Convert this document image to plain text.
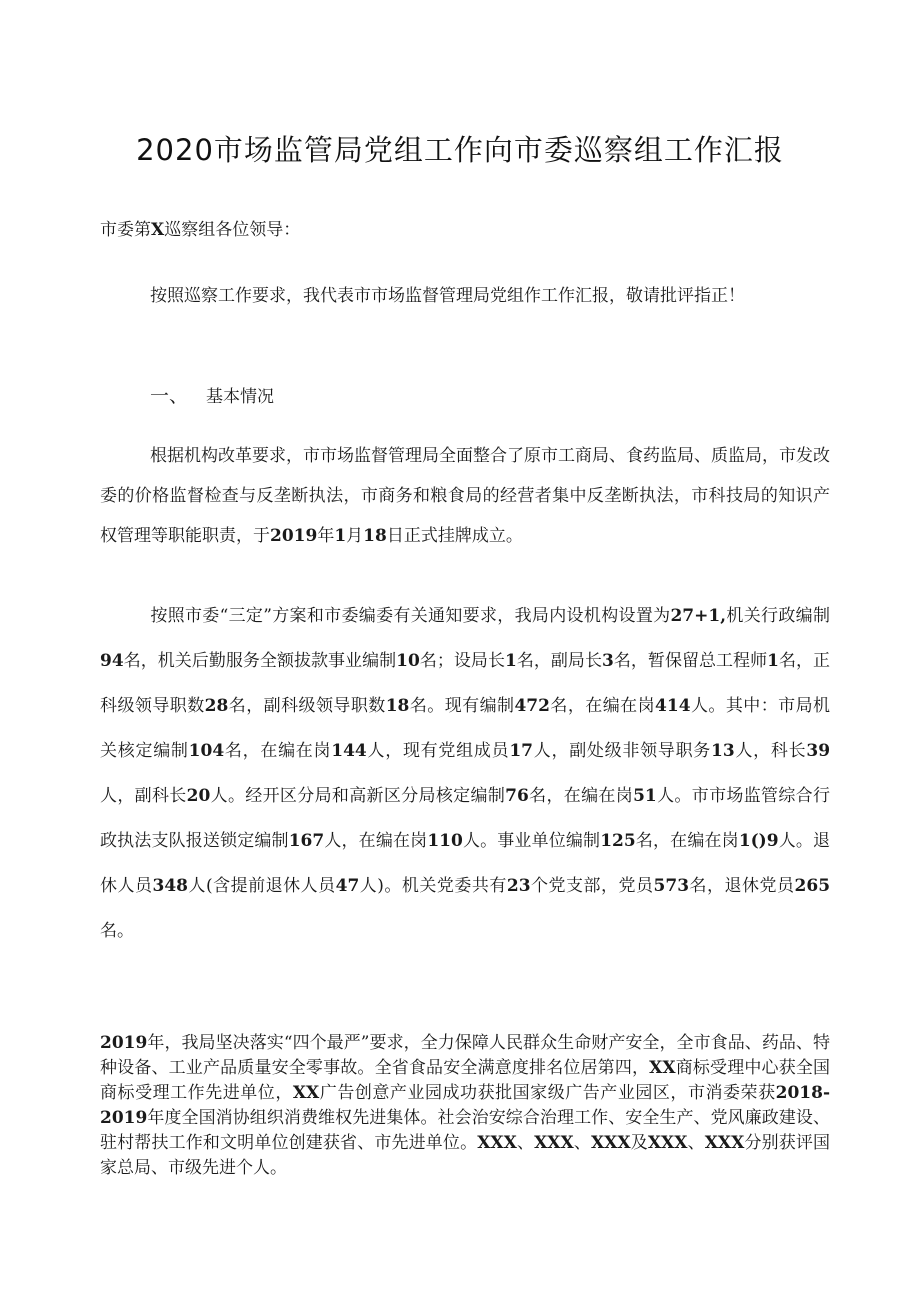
2020市场监管局党组工作向市委巡察组工作汇报
市委第X巡察组各位领导：
按照巡察工作要求，我代表市市场监督管理局党组作工作汇报，敬请批评指正！
一、 基本情况
根据机构改革要求，市市场监督管理局全面整合了原市工商局、食药监局、质监局，市发改委的价格监督检查与反垄断执法，市商务和粮食局的经营者集中反垄断执法，市科技局的知识产权管理等职能职责，于2019年1月18日正式挂牌成立。
按照市委“三定”方案和市委编委有关通知要求，我局内设机构设置为27+1,机关行政编制94名，机关后勤服务全额拔款事业编制10名；设局长1名，副局长3名，暂保留总工程师1名，正科级领导职数28名，副科级领导职数18名。现有编制472名，在编在岗414人。其中：市局机关核定编制104名，在编在岗144人，现有党组成员17人，副处级非领导职务13人，科长39人，副科长20人。经开区分局和高新区分局核定编制76名，在编在岗51人。市市场监管综合行政执法支队报送锁定编制167人，在编在岗110人。事业单位编制125名，在编在岗1()9人。退休人员348人(含提前退休人员47人)。机关党委共有23个党支部，党员573名，退休党员265名。
2019年，我局坚决落实“四个最严”要求，全力保障人民群众生命财产安全，全市食品、药品、特种设备、工业产品质量安全零事故。全省食品安全满意度排名位居第四，XX商标受理中心获全国商标受理工作先进单位，XX广告创意产业园成功获批国家级广告产业园区，市消委荣获2018-2019年度全国消协组织消费维权先进集体。社会治安综合治理工作、安全生产、党风廉政建设、驻村帮扶工作和文明单位创建获省、市先进单位。XXX、XXX、XXX及XXX、XXX分别获评国家总局、市级先进个人。
